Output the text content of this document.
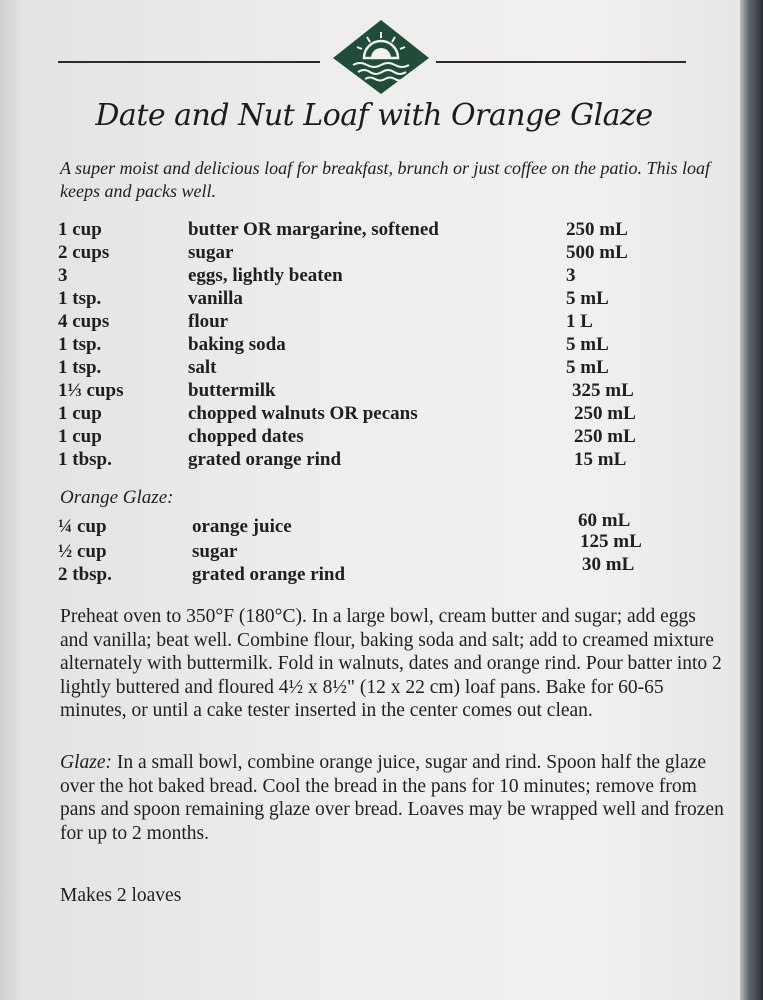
Date and Nut Loaf with Orange Glaze
A super moist and delicious loaf for breakfast, brunch or just coffee on the patio. This loaf keeps and packs well.
1 cup	butter OR margarine, softened	250 mL
2 cups	sugar	500 mL
3	eggs, lightly beaten	3
1 tsp.	vanilla	5 mL
4 cups	flour	1 L
1 tsp.	baking soda	5 mL
1 tsp.	salt	5 mL
1⅓ cups	buttermilk	325 mL
1 cup	chopped walnuts OR pecans	250 mL
1 cup	chopped dates	250 mL
1 tbsp.	grated orange rind	15 mL
Orange Glaze:
¼ cup	orange juice	60 mL
½ cup	sugar	125 mL
2 tbsp.	grated orange rind	30 mL
Preheat oven to 350°F (180°C). In a large bowl, cream butter and sugar; add eggs and vanilla; beat well. Combine flour, baking soda and salt; add to creamed mixture alternately with buttermilk. Fold in walnuts, dates and orange rind. Pour batter into 2 lightly buttered and floured 4½ x 8½" (12 x 22 cm) loaf pans. Bake for 60-65 minutes, or until a cake tester inserted in the center comes out clean.
Glaze: In a small bowl, combine orange juice, sugar and rind. Spoon half the glaze over the hot baked bread. Cool the bread in the pans for 10 minutes; remove from pans and spoon remaining glaze over bread. Loaves may be wrapped well and frozen for up to 2 months.
Makes 2 loaves
